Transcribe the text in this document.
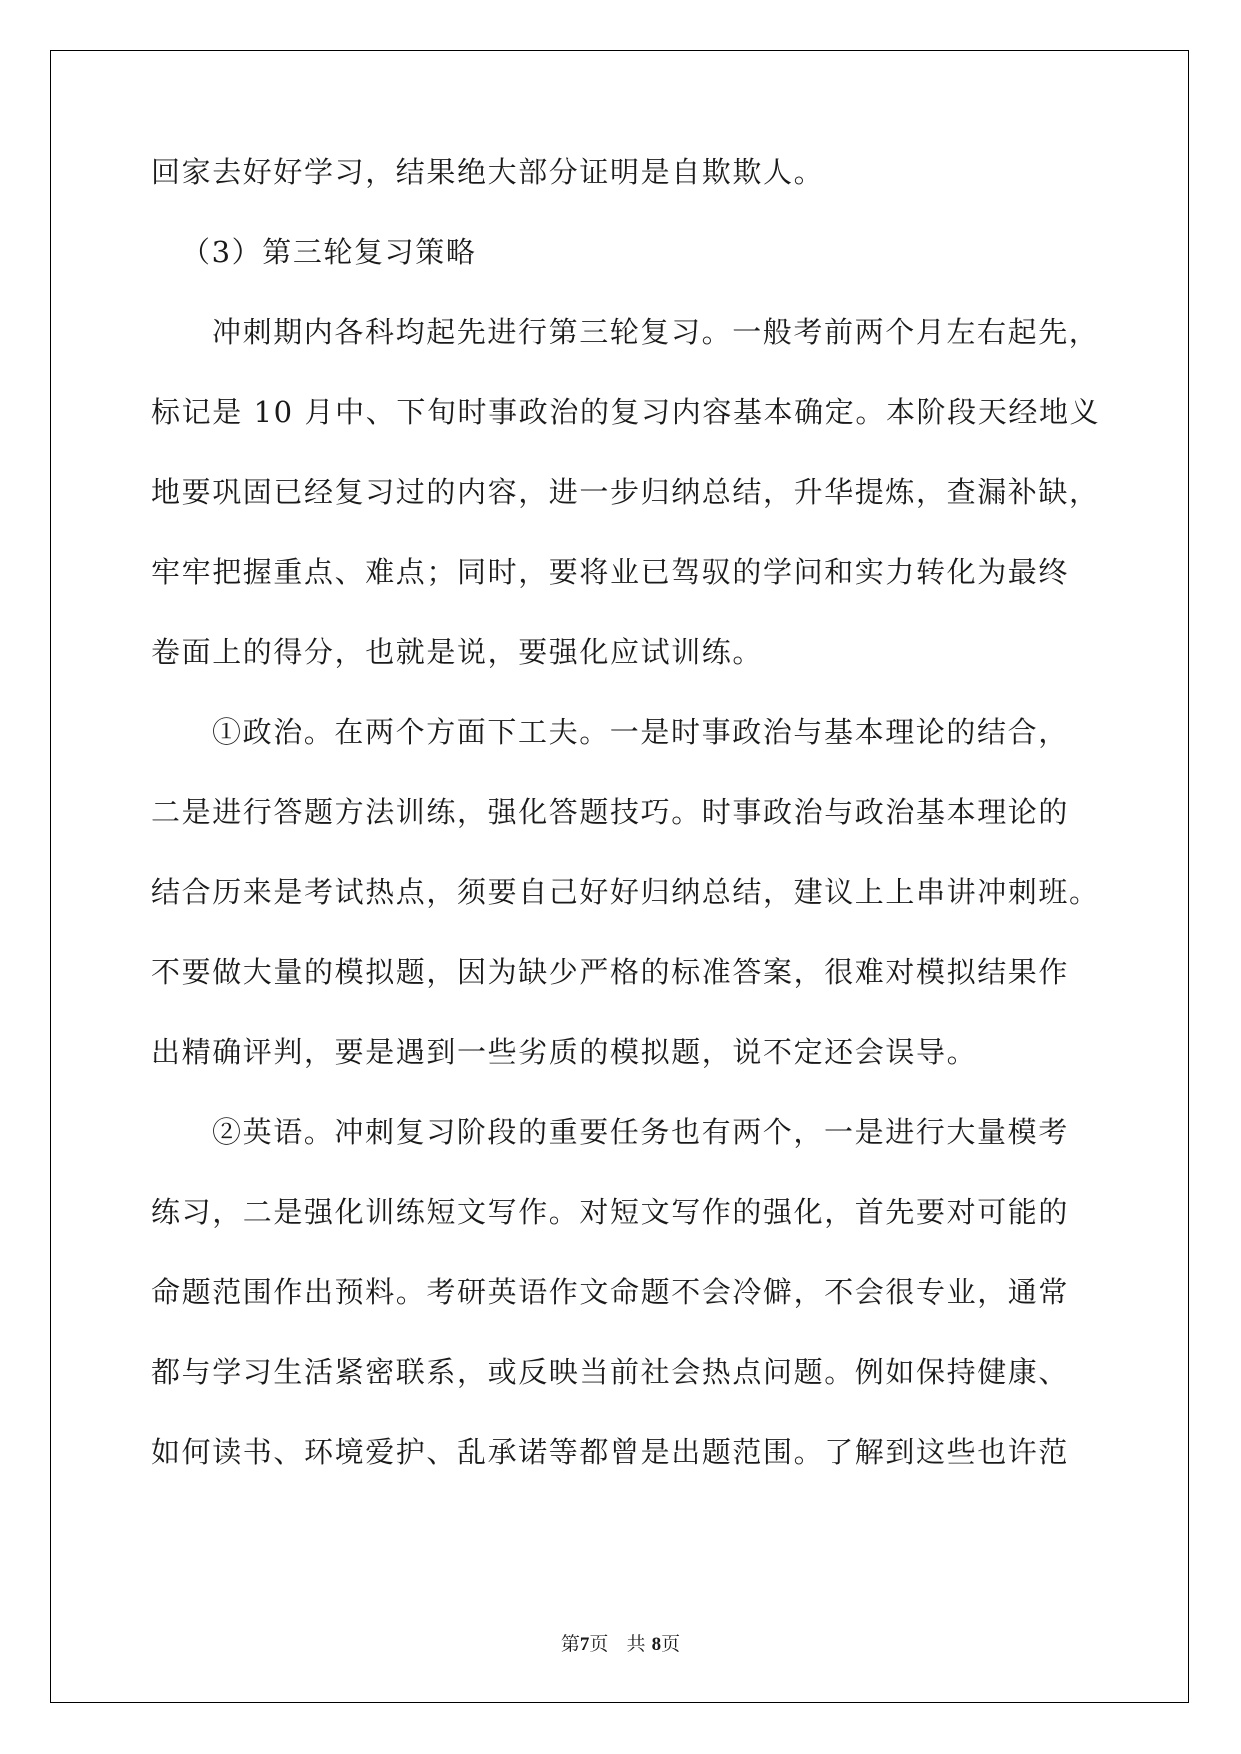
回家去好好学习，结果绝大部分证明是自欺欺人。
（3）第三轮复习策略
冲刺期内各科均起先进行第三轮复习。一般考前两个月左右起先，
标记是 10 月中、下旬时事政治的复习内容基本确定。本阶段天经地义
地要巩固已经复习过的内容，进一步归纳总结，升华提炼，查漏补缺，
牢牢把握重点、难点；同时，要将业已驾驭的学问和实力转化为最终
卷面上的得分，也就是说，要强化应试训练。
①政治。在两个方面下工夫。一是时事政治与基本理论的结合，
二是进行答题方法训练，强化答题技巧。时事政治与政治基本理论的
结合历来是考试热点，须要自己好好归纳总结，建议上上串讲冲刺班。
不要做大量的模拟题，因为缺少严格的标准答案，很难对模拟结果作
出精确评判，要是遇到一些劣质的模拟题，说不定还会误导。
②英语。冲刺复习阶段的重要任务也有两个，一是进行大量模考
练习，二是强化训练短文写作。对短文写作的强化，首先要对可能的
命题范围作出预料。考研英语作文命题不会冷僻，不会很专业，通常
都与学习生活紧密联系，或反映当前社会热点问题。例如保持健康、
如何读书、环境爱护、乱承诺等都曾是出题范围。了解到这些也许范
第7页 共 8页
